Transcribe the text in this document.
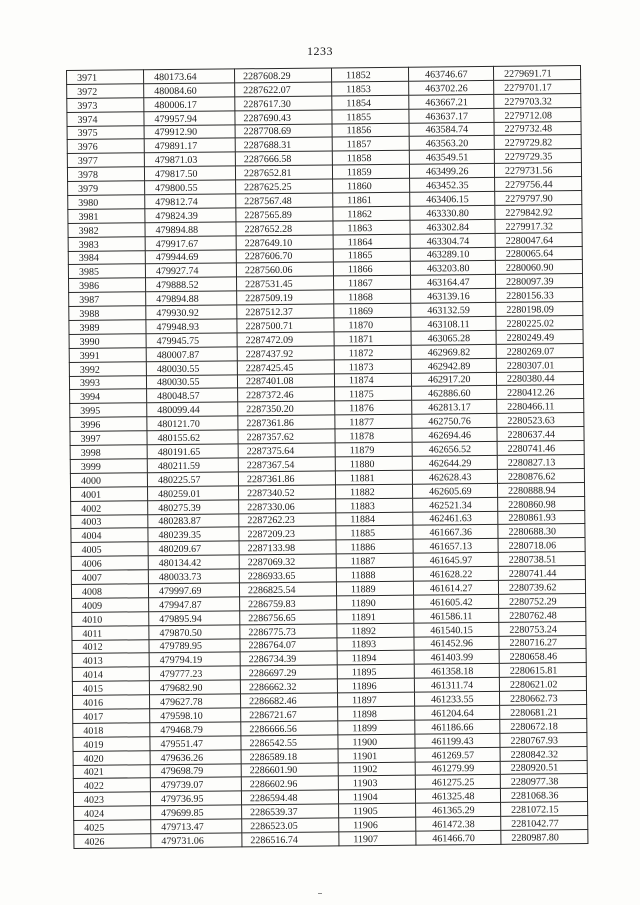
1233
3971	480173.64	2287608.29	11852	463746.67	2279691.71
3972	480084.60	2287622.07	11853	463702.26	2279701.17
3973	480006.17	2287617.30	11854	463667.21	2279703.32
3974	479957.94	2287690.43	11855	463637.17	2279712.08
3975	479912.90	2287708.69	11856	463584.74	2279732.48
3976	479891.17	2287688.31	11857	463563.20	2279729.82
3977	479871.03	2287666.58	11858	463549.51	2279729.35
3978	479817.50	2287652.81	11859	463499.26	2279731.56
3979	479800.55	2287625.25	11860	463452.35	2279756.44
3980	479812.74	2287567.48	11861	463406.15	2279797.90
3981	479824.39	2287565.89	11862	463330.80	2279842.92
3982	479894.88	2287652.28	11863	463302.84	2279917.32
3983	479917.67	2287649.10	11864	463304.74	2280047.64
3984	479944.69	2287606.70	11865	463289.10	2280065.64
3985	479927.74	2287560.06	11866	463203.80	2280060.90
3986	479888.52	2287531.45	11867	463164.47	2280097.39
3987	479894.88	2287509.19	11868	463139.16	2280156.33
3988	479930.92	2287512.37	11869	463132.59	2280198.09
3989	479948.93	2287500.71	11870	463108.11	2280225.02
3990	479945.75	2287472.09	11871	463065.28	2280249.49
3991	480007.87	2287437.92	11872	462969.82	2280269.07
3992	480030.55	2287425.45	11873	462942.89	2280307.01
3993	480030.55	2287401.08	11874	462917.20	2280380.44
3994	480048.57	2287372.46	11875	462886.60	2280412.26
3995	480099.44	2287350.20	11876	462813.17	2280466.11
3996	480121.70	2287361.86	11877	462750.76	2280523.63
3997	480155.62	2287357.62	11878	462694.46	2280637.44
3998	480191.65	2287375.64	11879	462656.52	2280741.46
3999	480211.59	2287367.54	11880	462644.29	2280827.13
4000	480225.57	2287361.86	11881	462628.43	2280876.62
4001	480259.01	2287340.52	11882	462605.69	2280888.94
4002	480275.39	2287330.06	11883	462521.34	2280860.98
4003	480283.87	2287262.23	11884	462461.63	2280861.93
4004	480239.35	2287209.23	11885	461667.36	2280688.30
4005	480209.67	2287133.98	11886	461657.13	2280718.06
4006	480134.42	2287069.32	11887	461645.97	2280738.51
4007	480033.73	2286933.65	11888	461628.22	2280741.44
4008	479997.69	2286825.54	11889	461614.27	2280739.62
4009	479947.87	2286759.83	11890	461605.42	2280752.29
4010	479895.94	2286756.65	11891	461586.11	2280762.48
4011	479870.50	2286775.73	11892	461540.15	2280753.24
4012	479789.95	2286764.07	11893	461452.96	2280716.27
4013	479794.19	2286734.39	11894	461403.99	2280658.46
4014	479777.23	2286697.29	11895	461358.18	2280615.81
4015	479682.90	2286662.32	11896	461311.74	2280621.02
4016	479627.78	2286682.46	11897	461233.55	2280662.73
4017	479598.10	2286721.67	11898	461204.64	2280681.21
4018	479468.79	2286666.56	11899	461186.66	2280672.18
4019	479551.47	2286542.55	11900	461199.43	2280767.93
4020	479636.26	2286589.18	11901	461269.57	2280842.32
4021	479698.79	2286601.90	11902	461279.99	2280920.51
4022	479739.07	2286602.96	11903	461275.25	2280977.38
4023	479736.95	2286594.48	11904	461325.48	2281068.36
4024	479699.85	2286539.37	11905	461365.29	2281072.15
4025	479713.47	2286523.05	11906	461472.38	2281042.77
4026	479731.06	2286516.74	11907	461466.70	2280987.80
